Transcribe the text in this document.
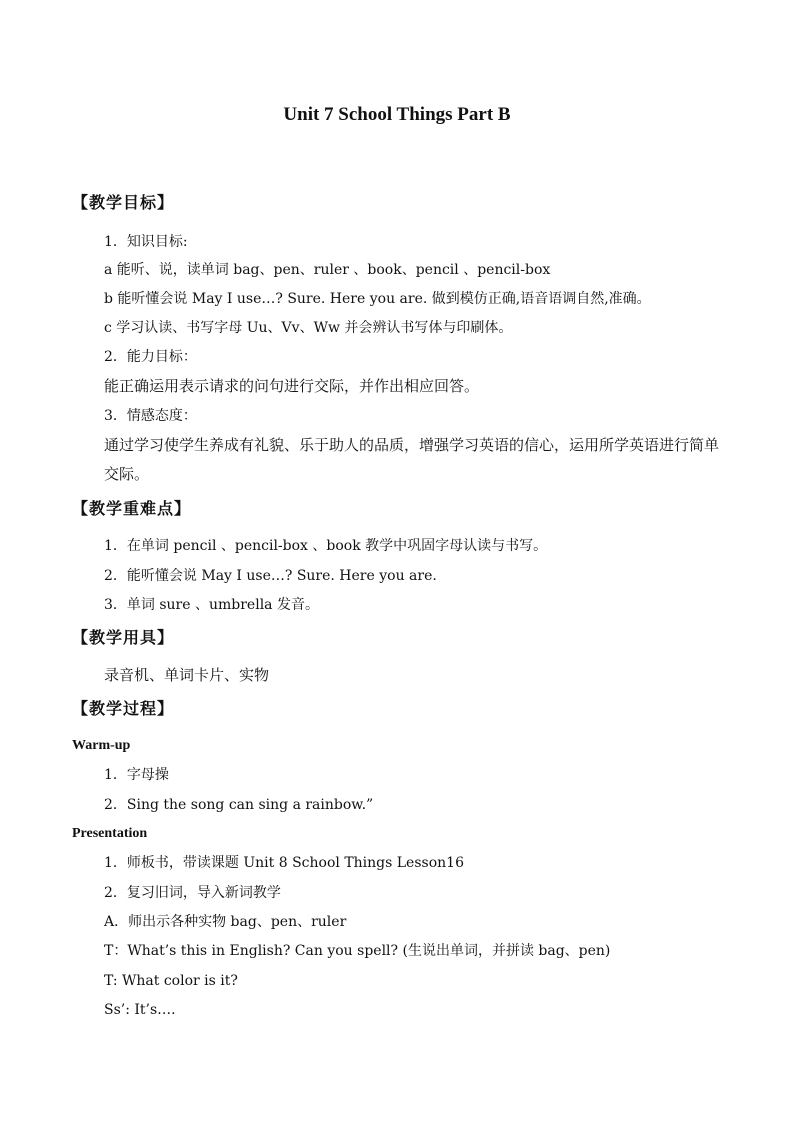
Unit 7 School Things Part B
【教学目标】
1．知识目标:
a 能听、说，读单词 bag、pen、ruler 、book、pencil 、pencil-box
b 能听懂会说 May I use…? Sure. Here you are. 做到模仿正确,语音语调自然,准确。
c 学习认读、书写字母 Uu、Vv、Ww 并会辨认书写体与印刷体。
2．能力目标：
能正确运用表示请求的问句进行交际，并作出相应回答。
3．情感态度：
通过学习使学生养成有礼貌、乐于助人的品质，增强学习英语的信心，运用所学英语进行简单交际。
【教学重难点】
1．在单词 pencil 、pencil-box 、book 教学中巩固字母认读与书写。
2．能听懂会说 May I use…? Sure. Here you are.
3．单词 sure 、umbrella 发音。
【教学用具】
录音机、单词卡片、实物
【教学过程】
Warm-up
1．字母操
2．Sing the song can sing a rainbow.”
Presentation
1．师板书，带读课题 Unit 8 School Things Lesson16
2．复习旧词，导入新词教学
A．师出示各种实物 bag、pen、ruler
T：What’s this in English? Can you spell? (生说出单词，并拼读 bag、pen)
T: What color is it?
Ss’: It’s….
